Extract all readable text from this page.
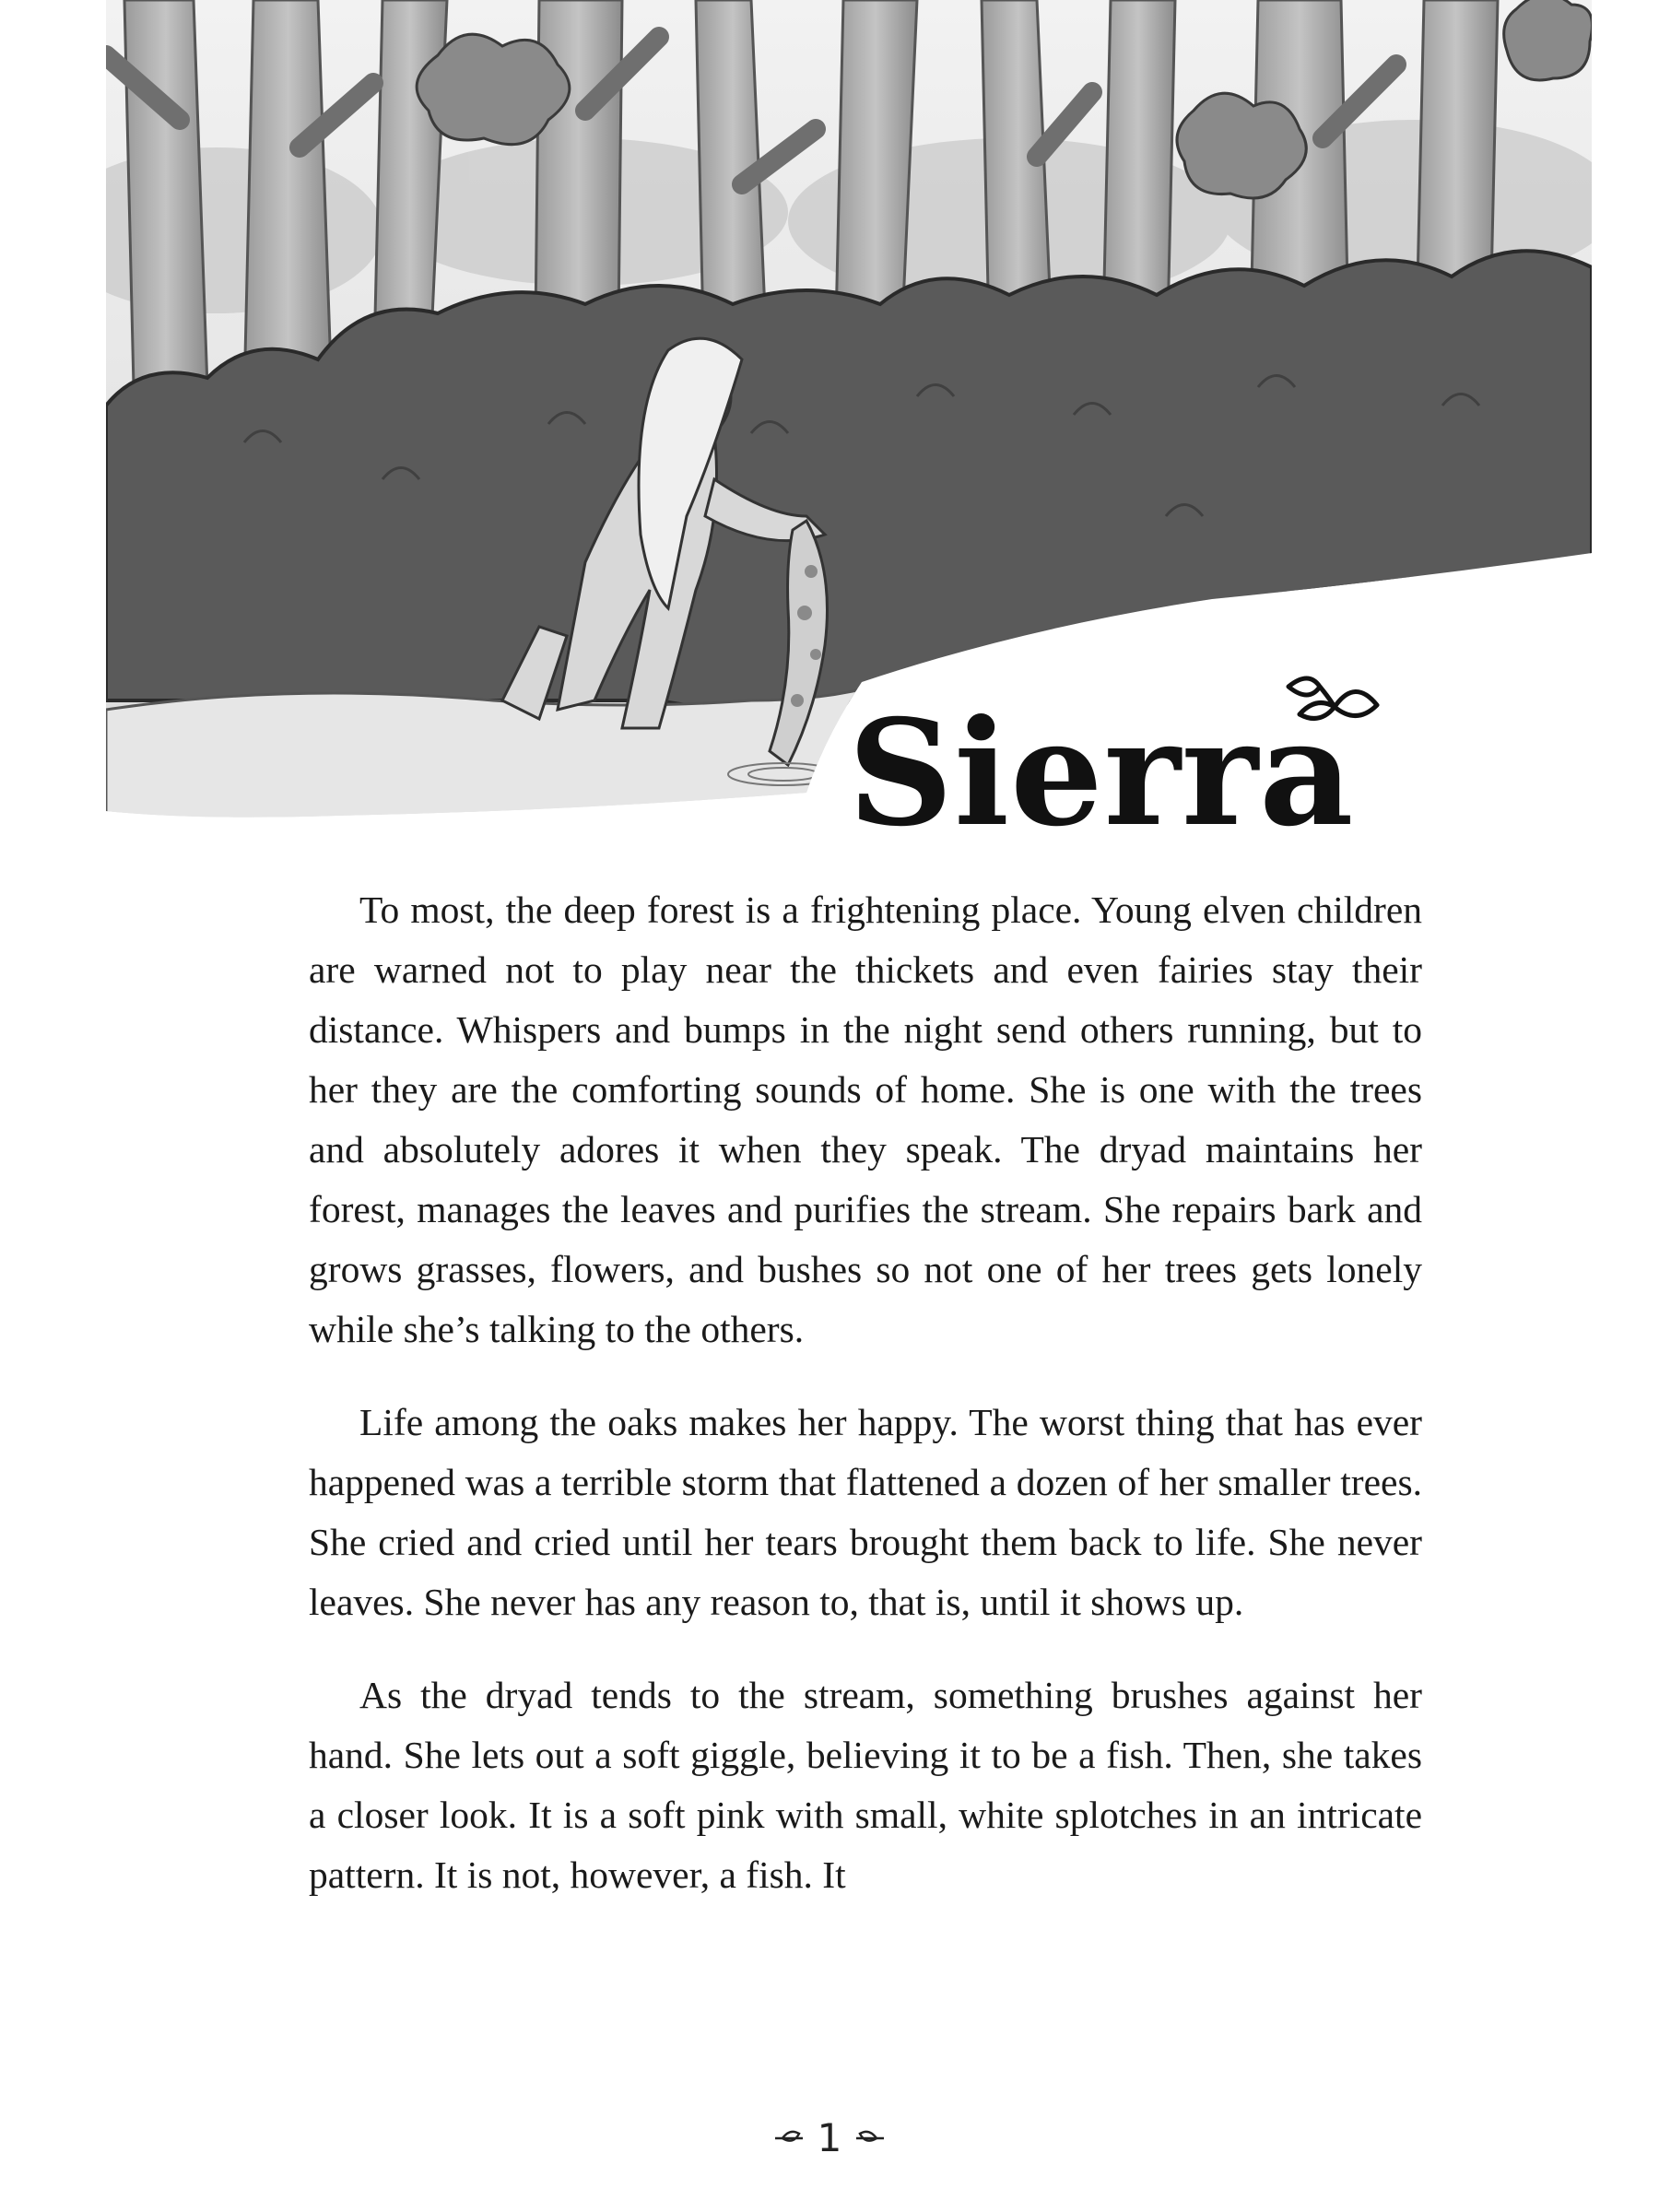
Sierra

To most, the deep forest is a frightening place. Young elven children are warned not to play near the thickets and even fairies stay their distance. Whispers and bumps in the night send others running, but to her they are the comforting sounds of home. She is one with the trees and absolutely adores it when they speak. The dryad maintains her forest, manages the leaves and purifies the stream. She repairs bark and grows grasses, flowers, and bushes so not one of her trees gets lonely while she’s talking to the others.

Life among the oaks makes her happy. The worst thing that has ever happened was a terrible storm that flattened a dozen of her smaller trees. She cried and cried until her tears brought them back to life. She never leaves. She never has any reason to, that is, until it shows up.

As the dryad tends to the stream, something brushes against her hand. She lets out a soft giggle, believing it to be a fish. Then, she takes a closer look. It is a soft pink with small, white splotches in an intricate pattern. It is not, however, a fish. It

1
